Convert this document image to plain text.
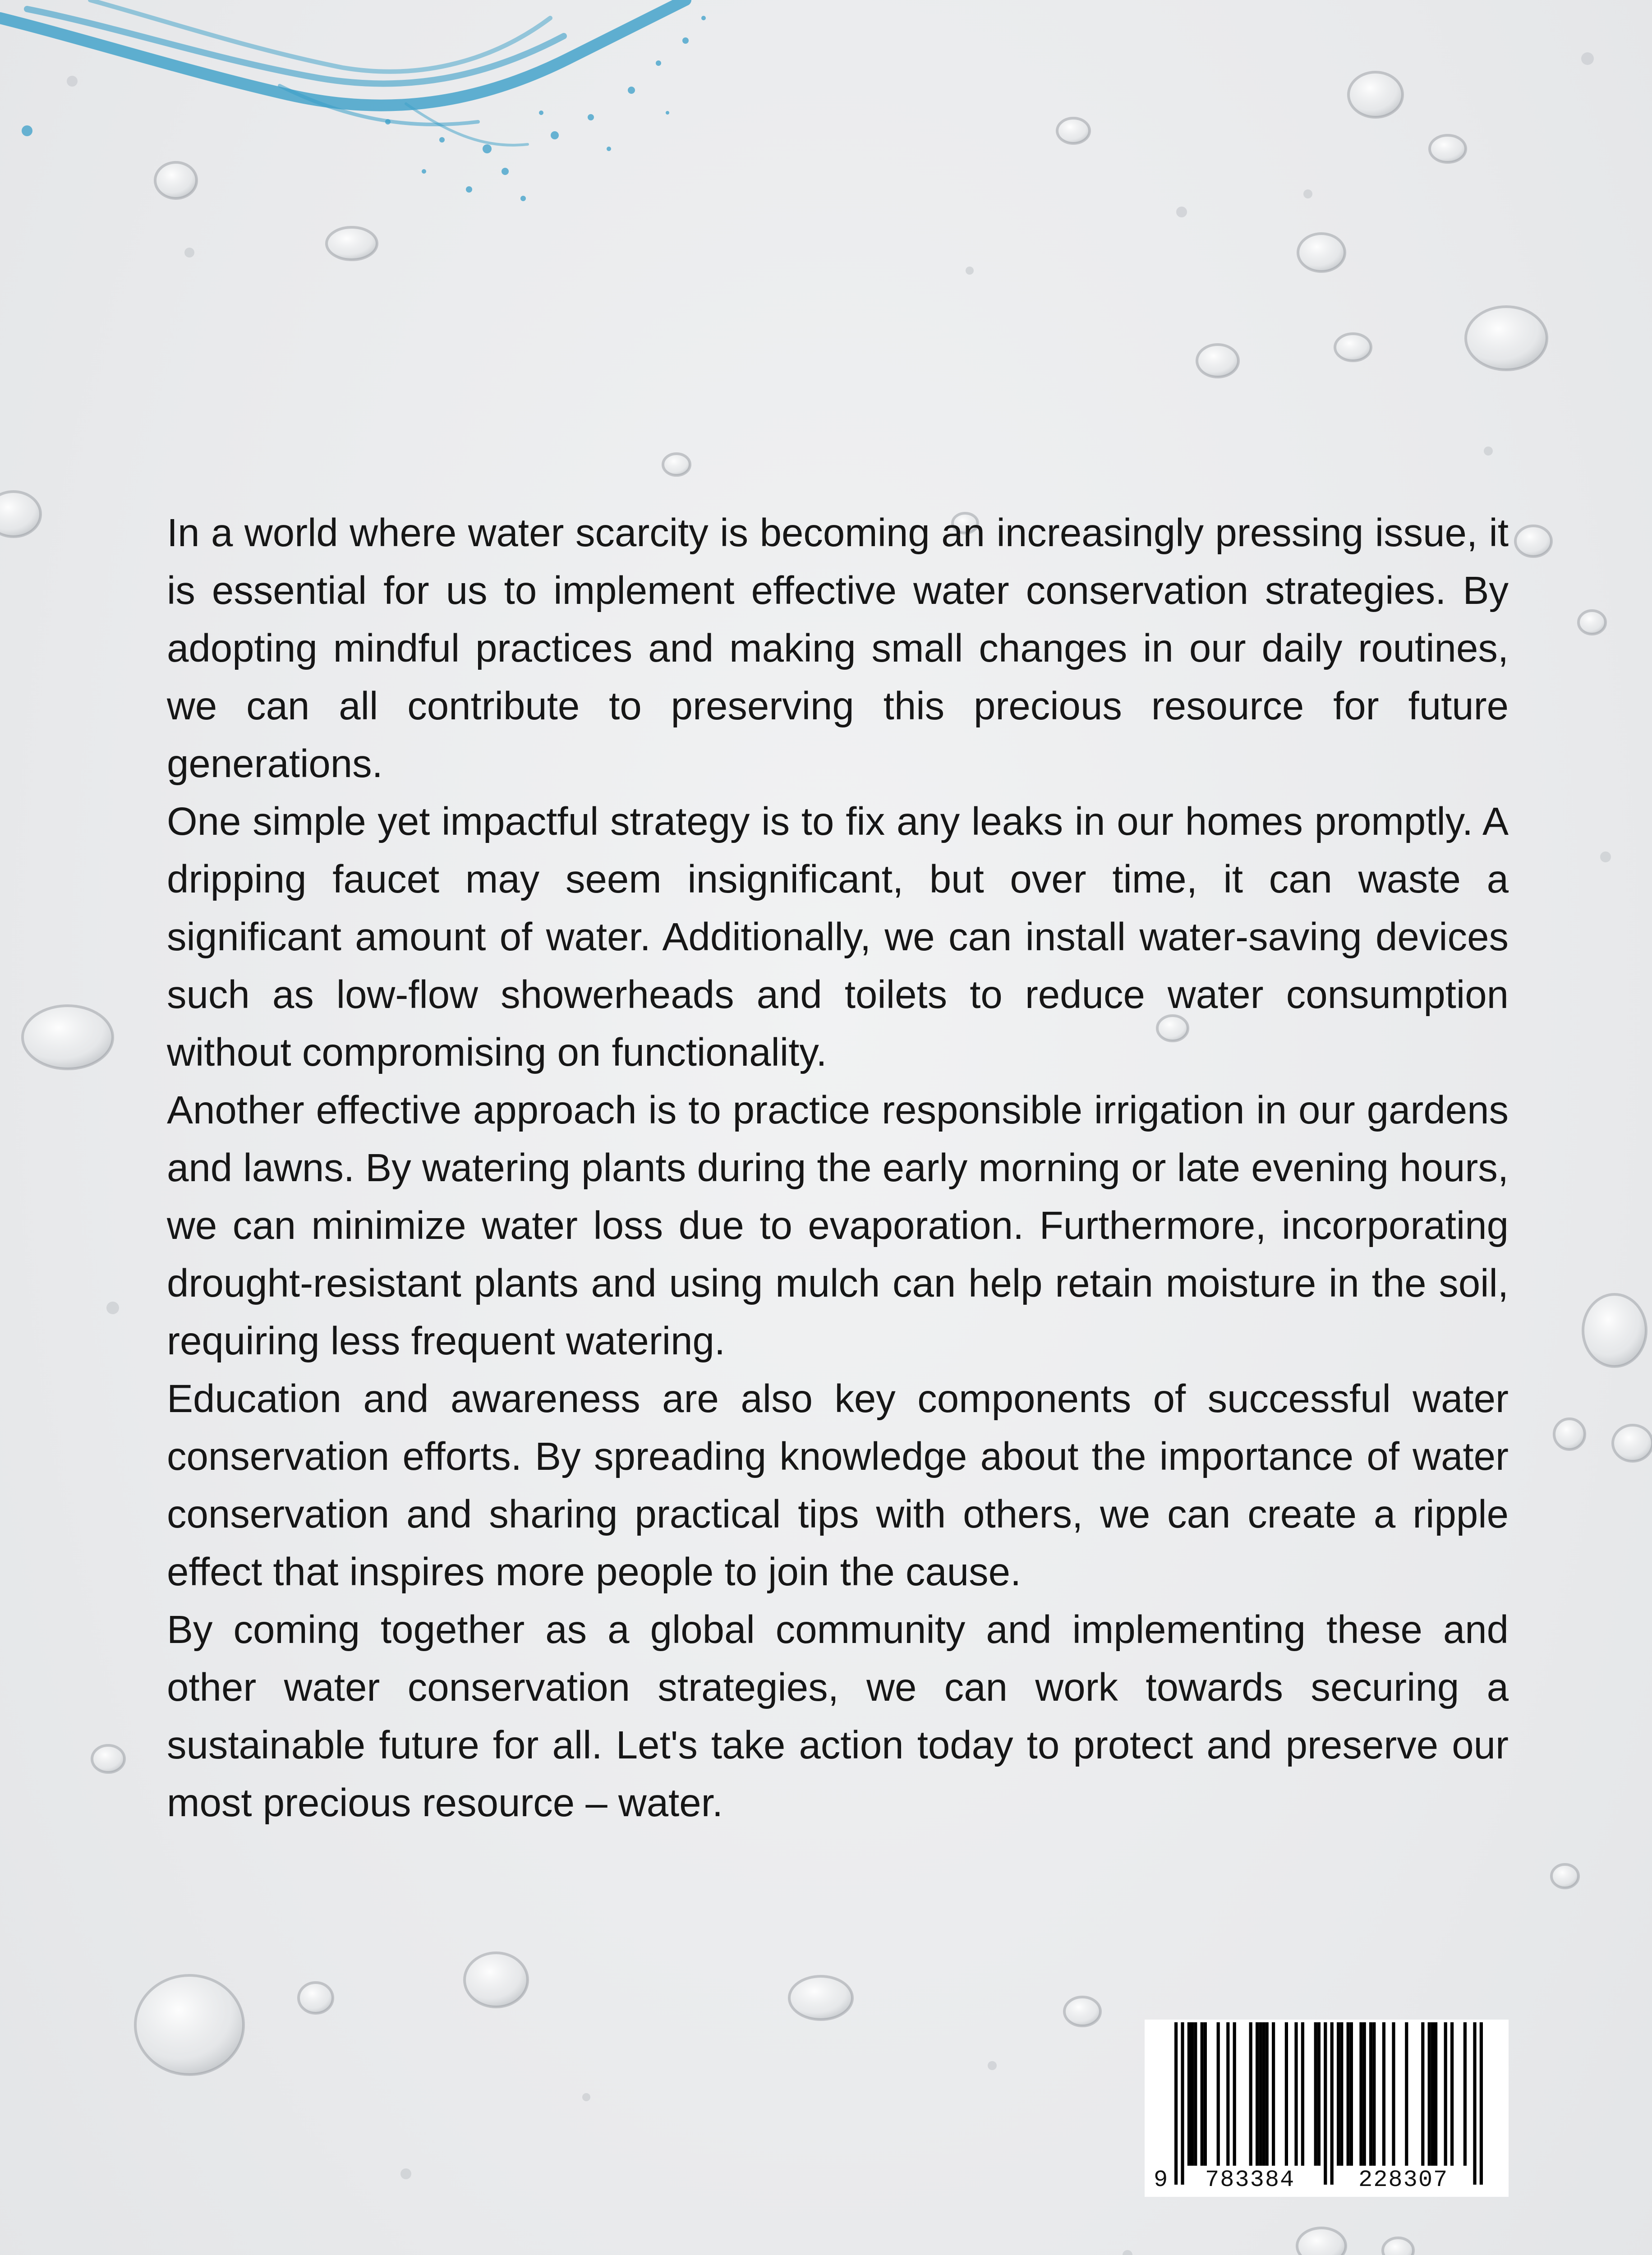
In a world where water scarcity is becoming an increasingly pressing issue, it is essential for us to implement effective water conservation strategies. By adopting mindful practices and making small changes in our daily routines, we can all contribute to preserving this precious resource for future generations.

One simple yet impactful strategy is to fix any leaks in our homes promptly. A dripping faucet may seem insignificant, but over time, it can waste a significant amount of water. Additionally, we can install water-saving devices such as low-flow showerheads and toilets to reduce water consumption without compromising on functionality.

Another effective approach is to practice responsible irrigation in our gardens and lawns. By watering plants during the early morning or late evening hours, we can minimize water loss due to evaporation. Furthermore, incorporating drought-resistant plants and using mulch can help retain moisture in the soil, requiring less frequent watering.

Education and awareness are also key components of successful water conservation efforts. By spreading knowledge about the importance of water conservation and sharing practical tips with others, we can create a ripple effect that inspires more people to join the cause.

By coming together as a global community and implementing these and other water conservation strategies, we can work towards securing a sustainable future for all. Let's take action today to protect and preserve our most precious resource – water.

9 783384	228307
